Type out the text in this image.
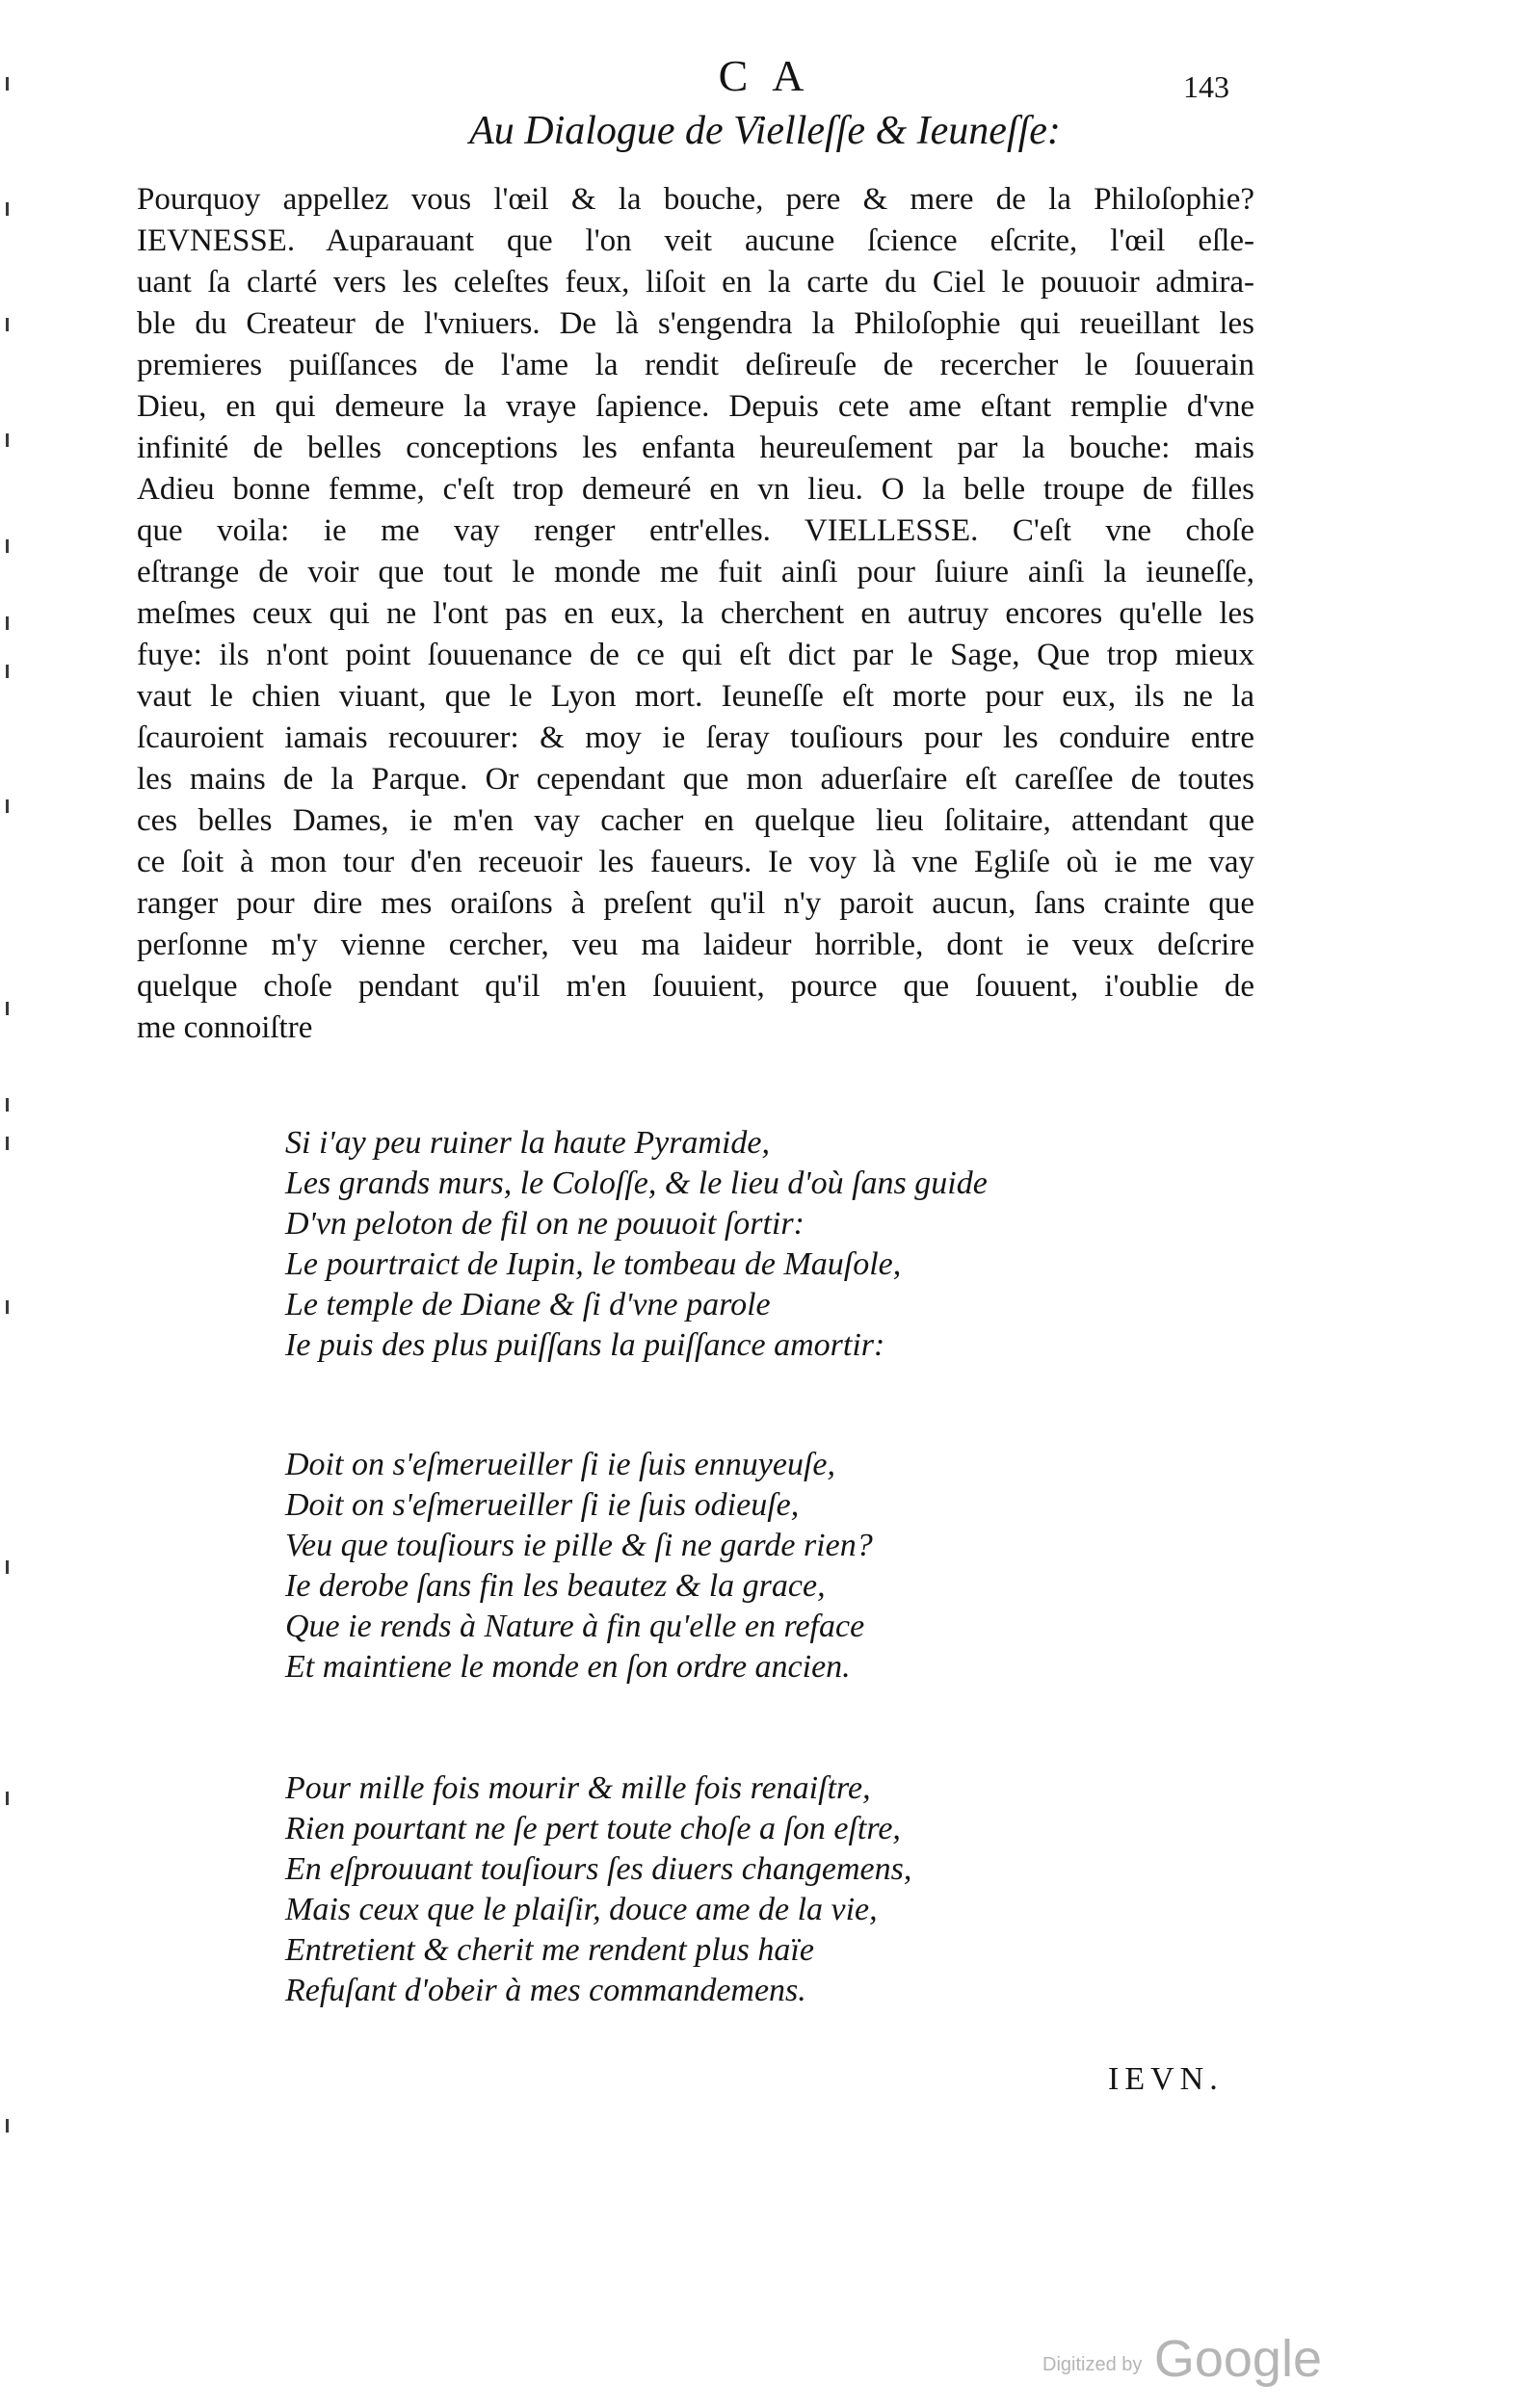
C A	143
Au Dialogue de Vielleſſe & Ieuneſſe:

Pourquoy appellez vous l'œil & la bouche, pere & mere de la Philoſophie?
IEVNESSE. Auparauant que l'on veit aucune ſcience eſcrite, l'œil eſle-
uant ſa clarté vers les celeſtes feux, liſoit en la carte du Ciel le pouuoir admira-
ble du Createur de l'vniuers. De là s'engendra la Philoſophie qui reueillant les
premieres puiſſances de l'ame la rendit deſireuſe de recercher le ſouuerain
Dieu, en qui demeure la vraye ſapience. Depuis cete ame eſtant remplie d'vne
infinité de belles conceptions les enfanta heureuſement par la bouche: mais
Adieu bonne femme, c'eſt trop demeuré en vn lieu. O la belle troupe de filles
que voila: ie me vay renger entr'elles. VIELLESSE. C'eſt vne choſe
eſtrange de voir que tout le monde me fuit ainſi pour ſuiure ainſi la ieuneſſe,
meſmes ceux qui ne l'ont pas en eux, la cherchent en autruy encores qu'elle les
fuye: ils n'ont point ſouuenance de ce qui eſt dict par le Sage, Que trop mieux
vaut le chien viuant, que le Lyon mort. Ieuneſſe eſt morte pour eux, ils ne la
ſcauroient iamais recouurer: & moy ie ſeray touſiours pour les conduire entre
les mains de la Parque. Or cependant que mon aduerſaire eſt careſſee de toutes
ces belles Dames, ie m'en vay cacher en quelque lieu ſolitaire, attendant que
ce ſoit à mon tour d'en receuoir les faueurs. Ie voy là vne Egliſe où ie me vay
ranger pour dire mes oraiſons à preſent qu'il n'y paroit aucun, ſans crainte que
perſonne m'y vienne cercher, veu ma laideur horrible, dont ie veux deſcrire
quelque choſe pendant qu'il m'en ſouuient, pource que ſouuent, i'oublie de
me connoiſtre

Si i'ay peu ruiner la haute Pyramide,
Les grands murs, le Coloſſe, & le lieu d'où ſans guide
D'vn peloton de fil on ne pouuoit ſortir:
Le pourtraict de Iupin, le tombeau de Mauſole,
Le temple de Diane & ſi d'vne parole
Ie puis des plus puiſſans la puiſſance amortir:
Doit on s'eſmerueiller ſi ie ſuis ennuyeuſe,
Doit on s'eſmerueiller ſi ie ſuis odieuſe,
Veu que touſiours ie pille & ſi ne garde rien?
Ie derobe ſans fin les beautez & la grace,
Que ie rends à Nature à fin qu'elle en reface
Et maintiene le monde en ſon ordre ancien.
Pour mille fois mourir & mille fois renaiſtre,
Rien pourtant ne ſe pert toute choſe a ſon eſtre,
En eſprouuant touſiours ſes diuers changemens,
Mais ceux que le plaiſir, douce ame de la vie,
Entretient & cherit me rendent plus haïe
Refuſant d'obeir à mes commandemens.
IEVN.
Digitized by Google
